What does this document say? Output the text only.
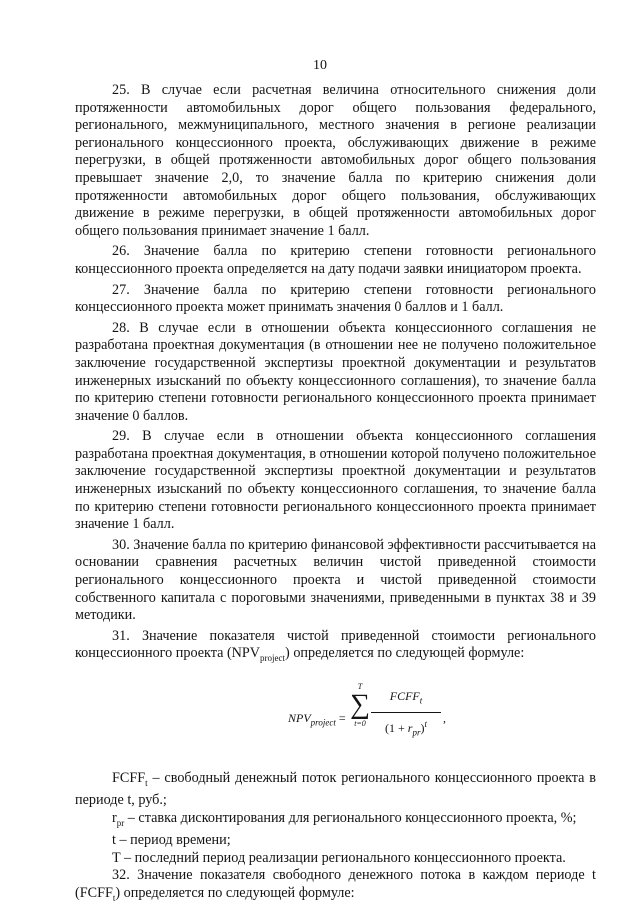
10

25. В случае если расчетная величина относительного снижения доли протяженности автомобильных дорог общего пользования федерального, регионального, межмуниципального, местного значения в регионе реализации регионального концессионного проекта, обслуживающих движение в режиме перегрузки, в общей протяженности автомобильных дорог общего пользования превышает значение 2,0, то значение балла по критерию снижения доли протяженности автомобильных дорог общего пользования, обслуживающих движение в режиме перегрузки, в общей протяженности автомобильных дорог общего пользования принимает значение 1 балл.

26. Значение балла по критерию степени готовности регионального концессионного проекта определяется на дату подачи заявки инициатором проекта.

27. Значение балла по критерию степени готовности регионального концессионного проекта может принимать значения 0 баллов и 1 балл.

28. В случае если в отношении объекта концессионного соглашения не разработана проектная документация (в отношении нее не получено положительное заключение государственной экспертизы проектной документации и результатов инженерных изысканий по объекту концессионного соглашения), то значение балла по критерию степени готовности регионального концессионного проекта принимает значение 0 баллов.

29. В случае если в отношении объекта концессионного соглашения разработана проектная документация, в отношении которой получено положительное заключение государственной экспертизы проектной документации и результатов инженерных изысканий по объекту концессионного соглашения, то значение балла по критерию степени готовности регионального концессионного проекта принимает значение 1 балл.

30. Значение балла по критерию финансовой эффективности рассчитывается на основании сравнения расчетных величин чистой приведенной стоимости регионального концессионного проекта и чистой приведенной стоимости собственного капитала с пороговыми значениями, приведенными в пунктах 38 и 39 методики.

31. Значение показателя чистой приведенной стоимости регионального концессионного проекта $(NPV_{project})$ определяется по следующей формуле:

$NPV_{project}$ =
T
∑
t=0
$FCFF_t$
$(1 + r_{pr})^t$	,

$FCFF_t$ – свободный денежный поток регионального концессионного проекта в периоде t, руб.;

$r_{pr}$ – ставка дисконтирования для регионального концессионного проекта, %;

t – период времени;

T – последний период реализации регионального концессионного проекта.

32. Значение показателя свободного денежного потока в каждом периоде t $(FCFF_t)$ определяется по следующей формуле:
